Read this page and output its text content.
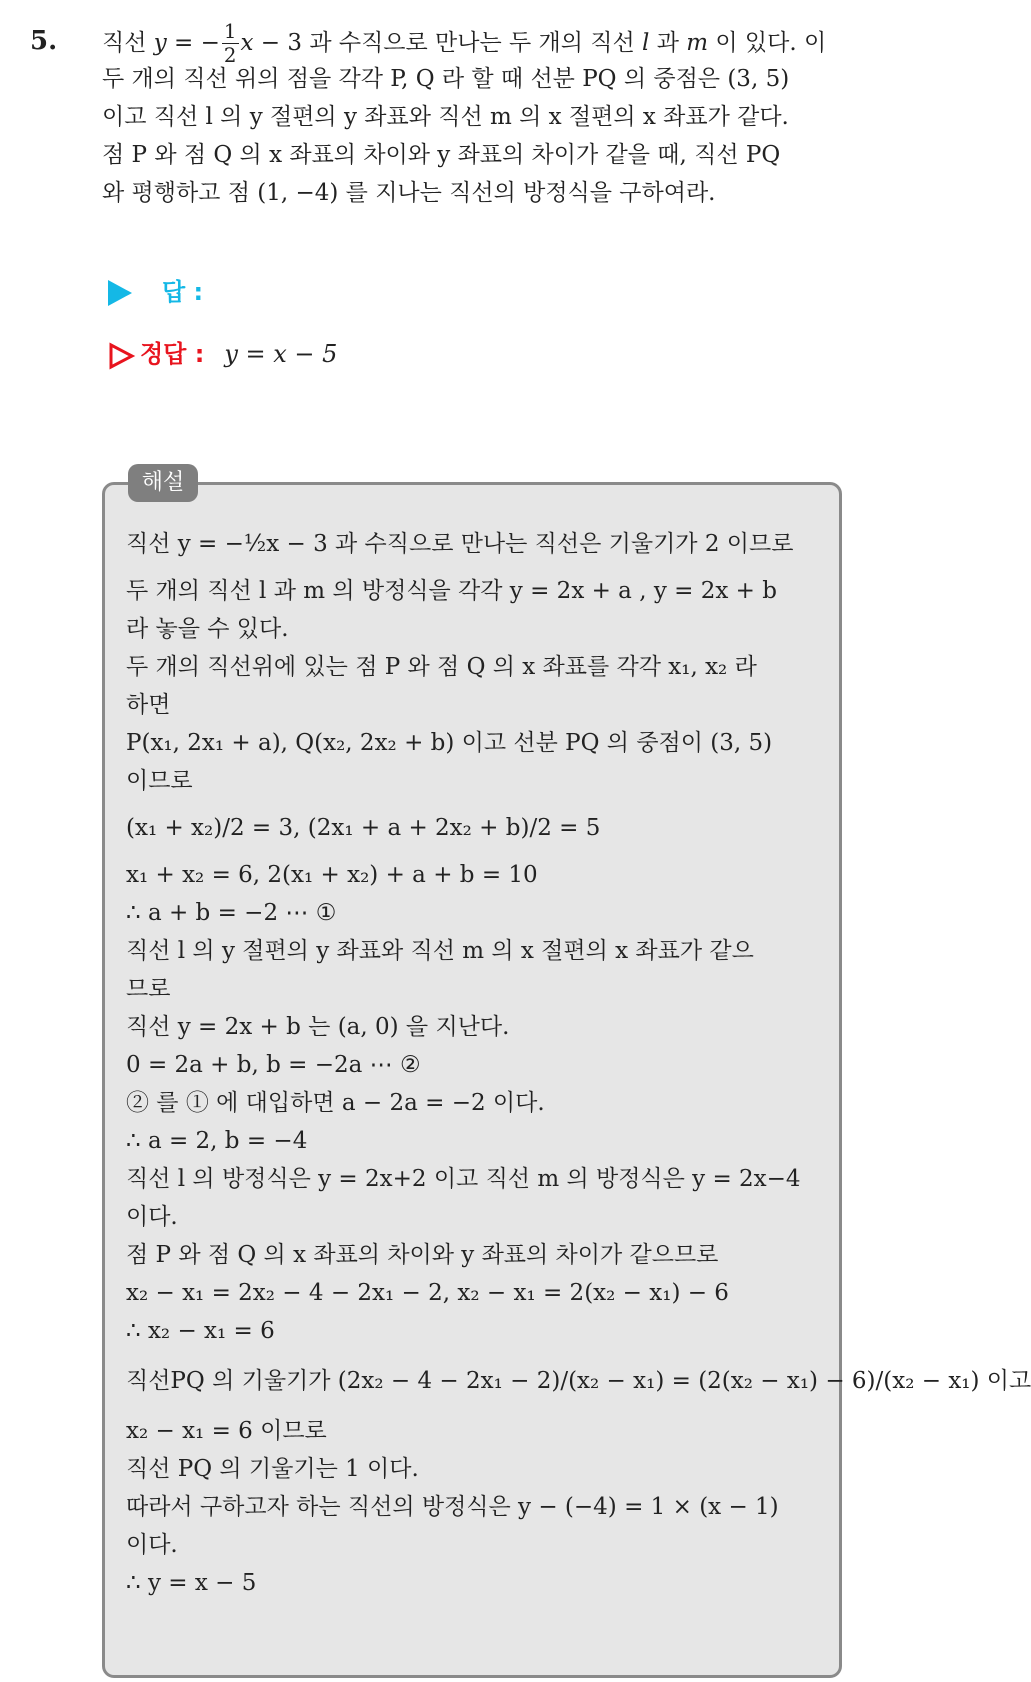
5. 직선 y = − $\frac{1}{2}$ x − 3 과 수직으로 만나는 두 개의 직선 l 과 m 이 있다. 이
두 개의 직선 위의 점을 각각 P, Q 라 할 때 선분 PQ 의 중점은 (3, 5)
이고 직선 l 의 y 절편의 y 좌표와 직선 m 의 x 절편의 x 좌표가 같다.
점 P 와 점 Q 의 x 좌표의 차이와 y 좌표의 차이가 같을 때, 직선 PQ
와 평행하고 점 (1, −4) 를 지나는 직선의 방정식을 구하여라.
답 :
정답 : y = x − 5
해설
직선 y = −½x − 3 과 수직으로 만나는 직선은 기울기가 2 이므로
두 개의 직선 l 과 m 의 방정식을 각각 y = 2x + a , y = 2x + b
라 놓을 수 있다.
두 개의 직선위에 있는 점 P 와 점 Q 의 x 좌표를 각각 x₁, x₂ 라
하면
P(x₁, 2x₁ + a), Q(x₂, 2x₂ + b) 이고 선분 PQ 의 중점이 (3, 5)
이므로
(x₁ + x₂)/2 = 3, (2x₁ + a + 2x₂ + b)/2 = 5
x₁ + x₂ = 6, 2(x₁ + x₂) + a + b = 10
∴ a + b = −2 ⋯ ①
직선 l 의 y 절편의 y 좌표와 직선 m 의 x 절편의 x 좌표가 같으
므로
직선 y = 2x + b 는 (a, 0) 을 지난다.
0 = 2a + b, b = −2a ⋯ ②
② 를 ① 에 대입하면 a − 2a = −2 이다.
∴ a = 2, b = −4
직선 l 의 방정식은 y = 2x+2 이고 직선 m 의 방정식은 y = 2x−4
이다.
점 P 와 점 Q 의 x 좌표의 차이와 y 좌표의 차이가 같으므로
x₂ − x₁ = 2x₂ − 4 − 2x₁ − 2, x₂ − x₁ = 2(x₂ − x₁) − 6
∴ x₂ − x₁ = 6
직선PQ 의 기울기가 (2x₂ − 4 − 2x₁ − 2)/(x₂ − x₁) = (2(x₂ − x₁) − 6)/(x₂ − x₁) 이고
x₂ − x₁ = 6 이므로
직선 PQ 의 기울기는 1 이다.
따라서 구하고자 하는 직선의 방정식은 y − (−4) = 1 × (x − 1)
이다.
∴ y = x − 5
